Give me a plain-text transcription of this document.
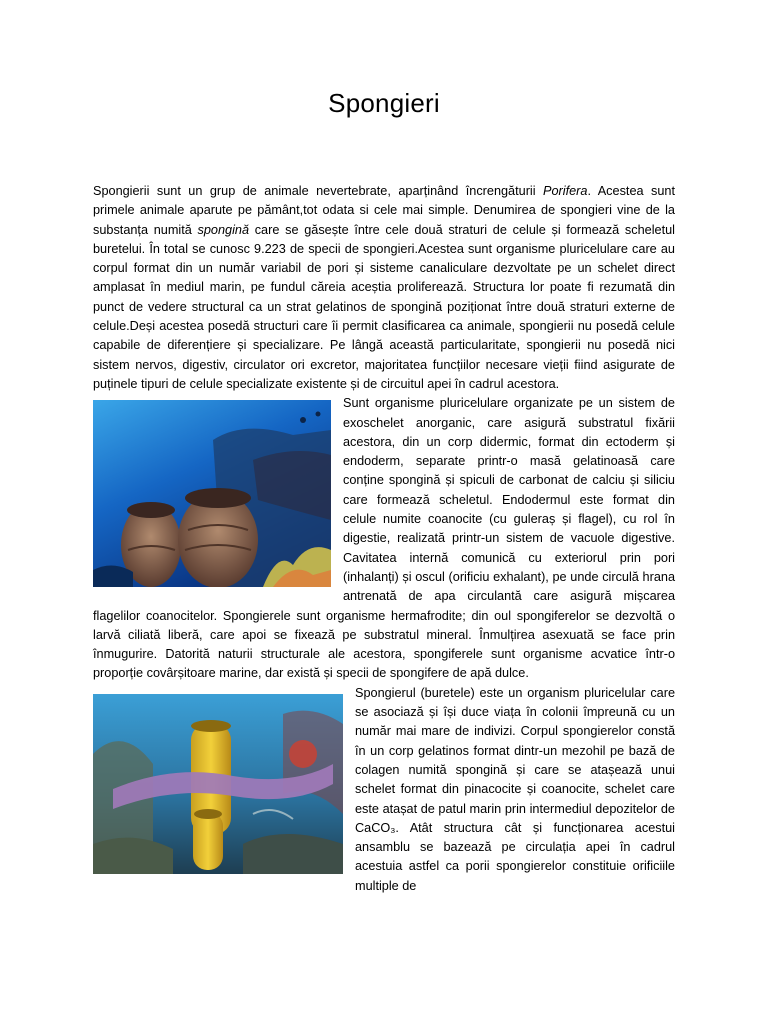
Spongieri

Spongierii sunt un grup de animale nevertebrate, aparținând încrengăturii Porifera. Acestea sunt primele animale aparute pe pământ,tot odata si cele mai simple. Denumirea de spongieri vine de la substanța numită spongină care se găsește între cele două straturi de celule și formează scheletul buretelui. În total se cunosc 9.223 de specii de spongieri.Acestea sunt organisme pluricelulare care au corpul format din un număr variabil de pori și sisteme canaliculare dezvoltate pe un schelet direct amplasat în mediul marin, pe fundul căreia aceștia proliferează. Structura lor poate fi rezumată din punct de vedere structural ca un strat gelatinos de spongină poziționat între două straturi externe de celule.Deși acestea posedă structuri care îi permit clasificarea ca animale, spongierii nu posedă celule capabile de diferențiere și specializare. Pe lângă această particularitate, spongierii nu posedă nici sistem nervos, digestiv, circulator ori excretor, majoritatea funcțiilor necesare vieții fiind asigurate de puținele tipuri de celule specializate existente și de circuitul apei în cadrul acestora.

Sunt organisme pluricelulare organizate pe un sistem de exoschelet anorganic, care asigură substratul fixării acestora, din un corp didermic, format din ectoderm și endoderm, separate printr-o masă gelatinoasă care conține spongină și spiculi de carbonat de calciu și siliciu care formează scheletul. Endodermul este format din celule numite coanocite (cu guleraș și flagel), cu rol în digestie, realizată printr-un sistem de vacuole digestive. Cavitatea internă comunică cu exteriorul prin pori (inhalanți) și oscul (orificiu exhalant), pe unde circulă hrana antrenată de apa circulantă care asigură mișcarea flagelilor coanocitelor. Spongierele sunt organisme hermafrodite; din oul spongiferelor se dezvoltă o larvă ciliată liberă, care apoi se fixează pe substratul mineral. Înmulțirea asexuată se face prin înmugurire. Datorită naturii structurale ale acestora, spongiferele sunt organisme acvatice într-o proporție covârșitoare marine, dar există și specii de spongifere de apă dulce.

Spongierul (buretele) este un organism pluricelular care se asociază și își duce viața în colonii împreună cu un număr mai mare de indivizi. Corpul spongierelor constă în un corp gelatinos format dintr-un mezohil pe bază de colagen numită spongină și care se atașează unui schelet format din pinacocite și coanocite, schelet care este atașat de patul marin prin intermediul depozitelor de CaCO₃. Atât structura cât și funcționarea acestui ansamblu se bazează pe circulația apei în cadrul acestuia astfel ca porii spongierelor constituie orificiile multiple de
